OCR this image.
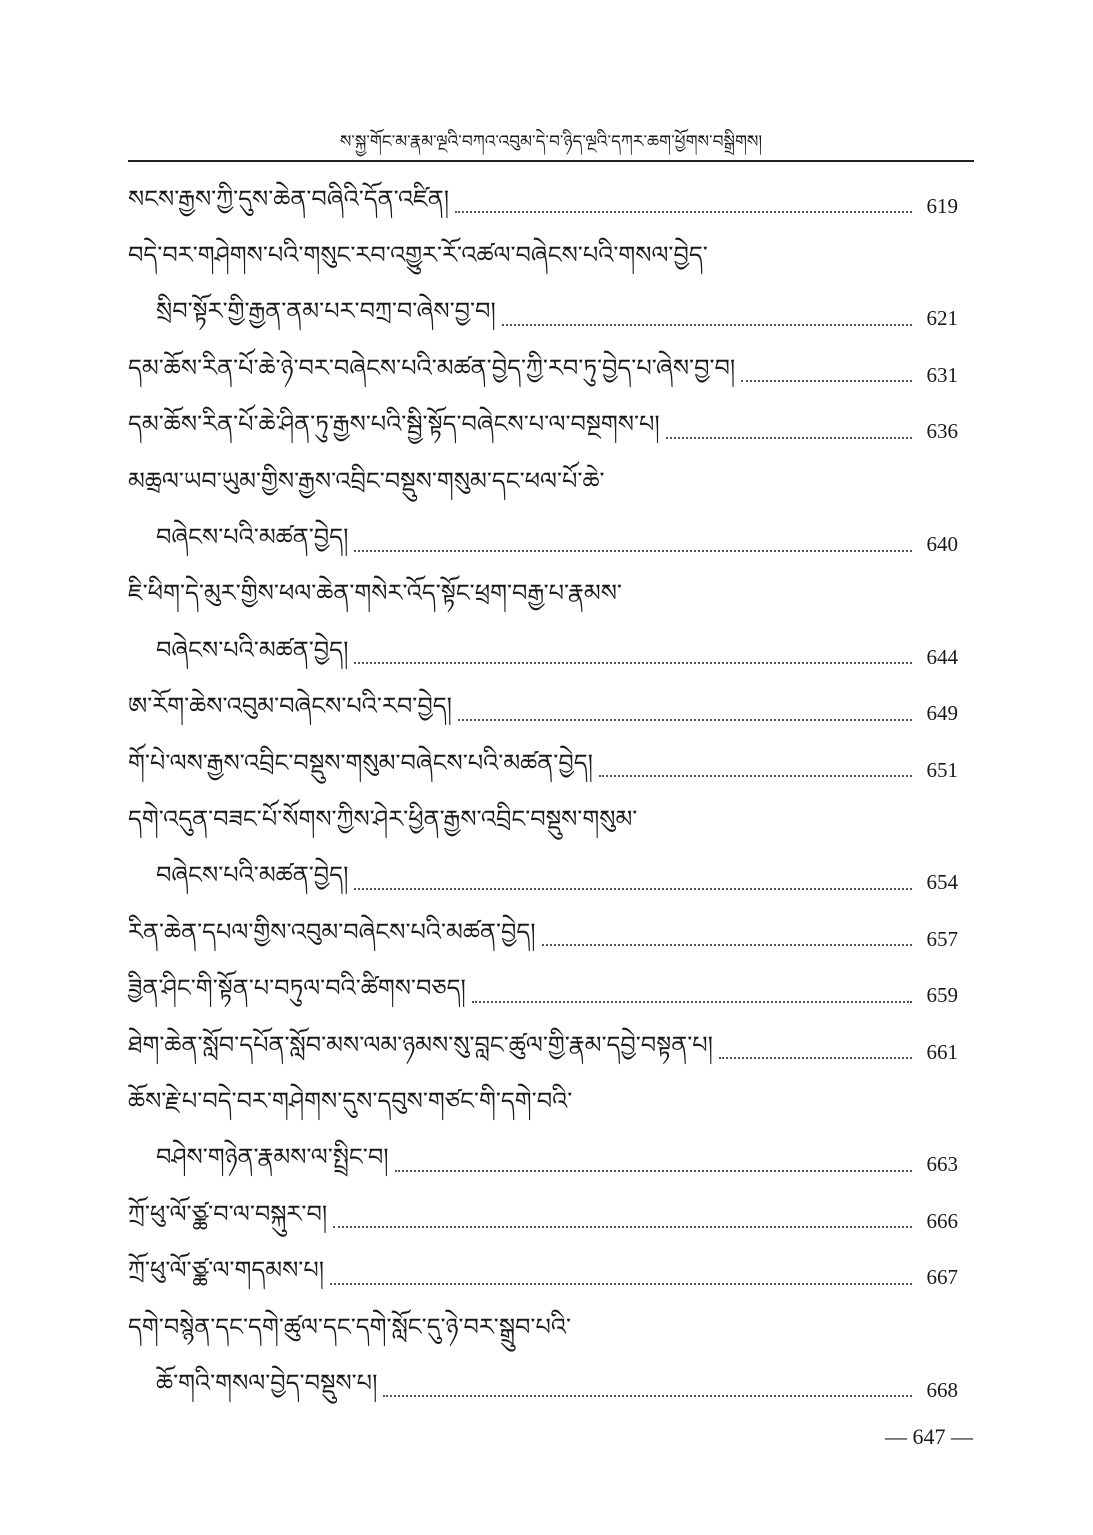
ས་སྐྱ་གོང་མ་རྣམ་ལྔའི་བཀའ་འབུམ་དེ་བ་ཉིད་ལྔའི་དཀར་ཆག་ཕྱོགས་བསྒྲིགས།
སངས་རྒྱས་ཀྱི་དུས་ཆེན་བཞིའི་དོན་འཛིན།	619
བདེ་བར་གཤེགས་པའི་གསུང་རབ་འགྱུར་རོ་འཚལ་བཞེངས་པའི་གསལ་བྱེད་
སྲིབ་སྟོར་གྱི་རྒྱན་ནམ་པར་བཀྲ་བ་ཞེས་བྱ་བ།	621
དམ་ཆོས་རིན་པོ་ཆེ་ཉེ་བར་བཞེངས་པའི་མཚན་བྱེད་ཀྱི་རབ་ཏུ་བྱེད་པ་ཞེས་བྱ་བ།	631
དམ་ཆོས་རིན་པོ་ཆེ་ཤིན་ཏུ་རྒྱས་པའི་སྦྱི་སྟོད་བཞེངས་པ་ལ་བསྔགས་པ།	636
མཆྲལ་ཡབ་ཡུམ་གྱིས་རྒྱས་འབྲིང་བསྡུས་གསུམ་དང་ཕལ་པོ་ཆེ་
བཞེངས་པའི་མཚན་བྱེད།	640
ཇི་ཕིག་དེ་མུར་གྱིས་ཕལ་ཆེན་གསེར་འོད་སྟོང་ཕྲག་བརྒྱ་པ་རྣམས་
བཞེངས་པའི་མཚན་བྱེད།	644
ཨ་རོག་ཆེས་འབུམ་བཞེངས་པའི་རབ་བྱེད།	649
གོ་པེ་ལས་རྒྱས་འབྲིང་བསྡུས་གསུམ་བཞེངས་པའི་མཚན་བྱེད།	651
དགེ་འདུན་བཟང་པོ་སོགས་ཀྱིས་ཤེར་ཕྱིན་རྒྱས་འབྲིང་བསྡུས་གསུམ་
བཞེངས་པའི་མཚན་བྱེད།	654
རིན་ཆེན་དཔལ་གྱིས་འབུམ་བཞེངས་པའི་མཚན་བྱེད།	657
ཟྱིན་ཤིང་གི་སྟོན་པ་བཏུལ་བའི་ཚིགས་བཅད།	659
ཐེག་ཆེན་སློབ་དཔོན་སློབ་མས་ལམ་ཉམས་སུ་བླང་ཚུལ་གྱི་རྣམ་དབྱེ་བསྟན་པ།	661
ཆོས་རྗེ་པ་བདེ་བར་གཤེགས་དུས་དབུས་གཙང་གི་དགེ་བའི་
བཤེས་གཉེན་རྣམས་ལ་སྤྲིང་བ།	663
ཀྲོ་ཕུ་ལོ་ཙྪ་བ་ལ་བསྐུར་བ།	666
ཀྲོ་ཕུ་ལོ་ཙྪ་ལ་གདམས་པ།	667
དགེ་བསྙེན་དང་དགེ་ཚུལ་དང་དགེ་སློང་དུ་ཉེ་བར་སྒྲུབ་པའི་
ཆོ་གའི་གསལ་བྱེད་བསྡུས་པ།	668
— 647 —
